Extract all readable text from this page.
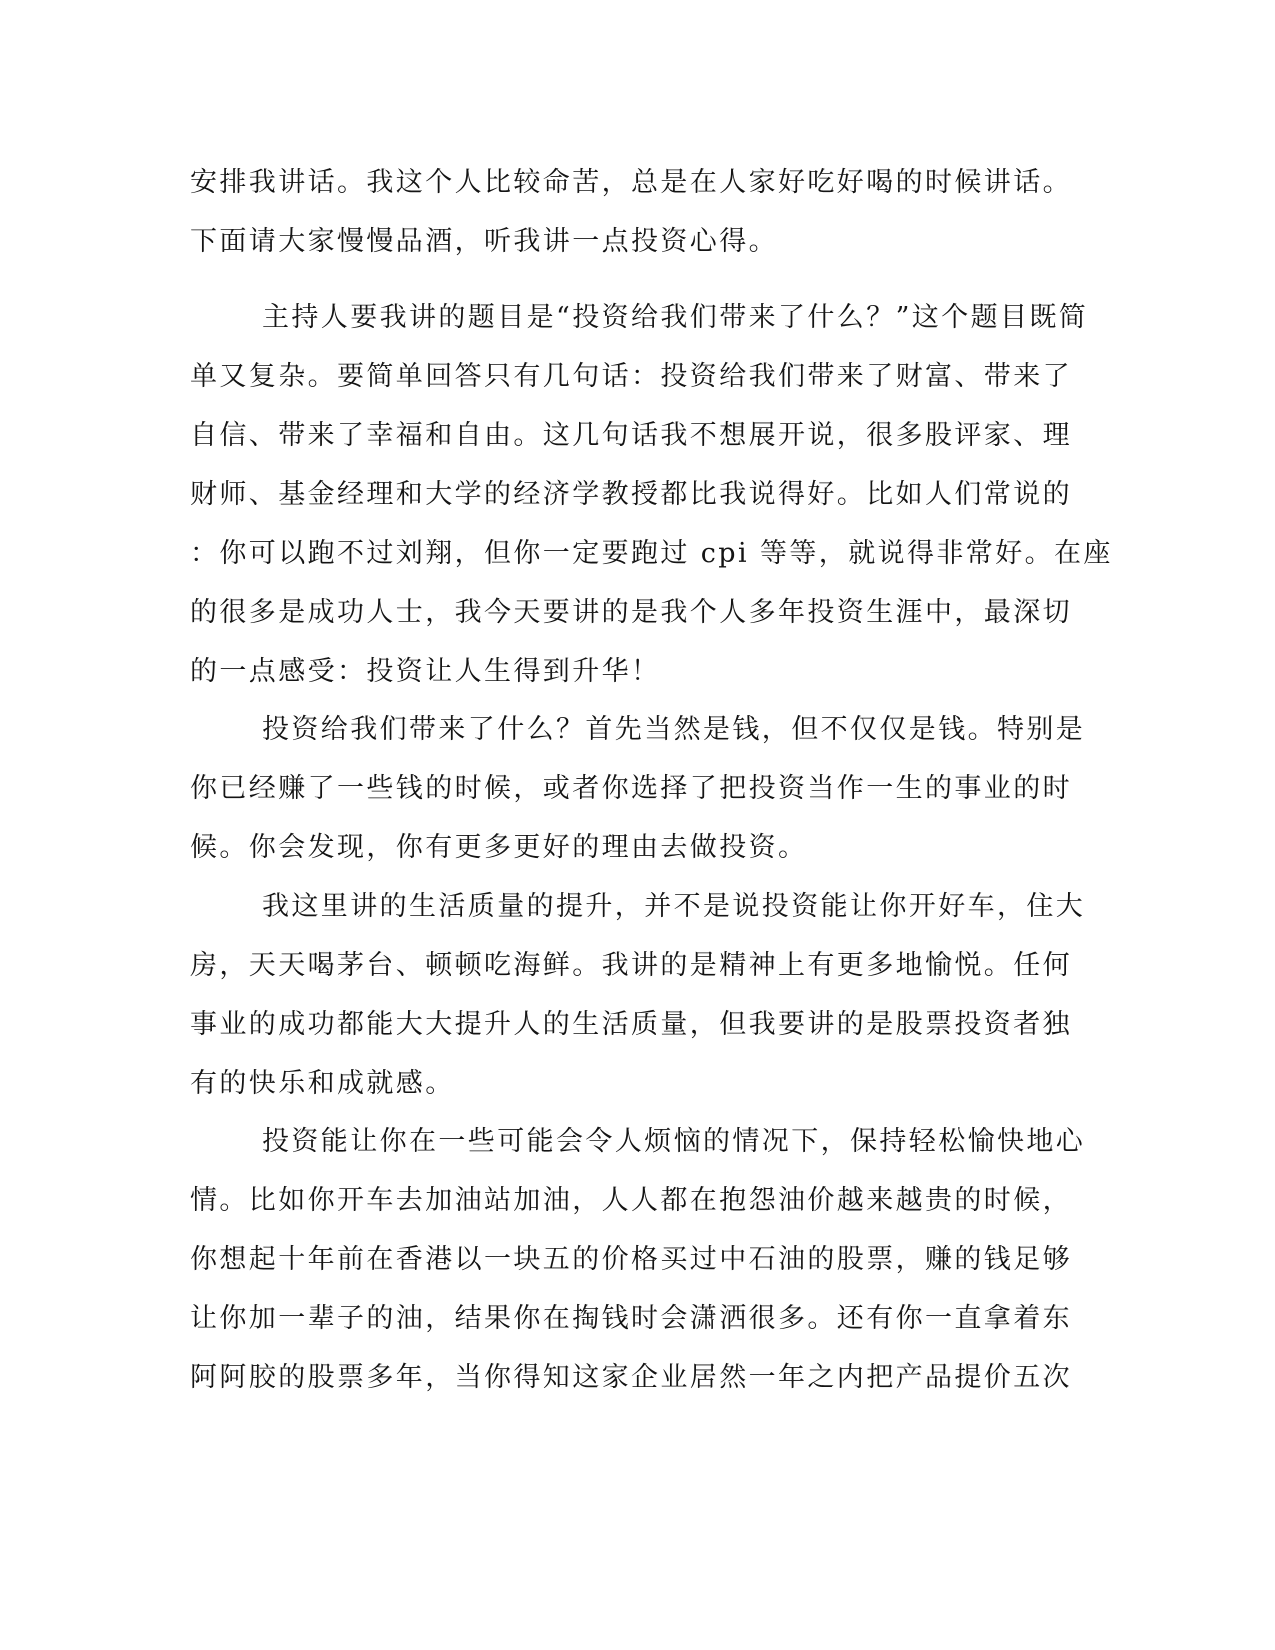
安排我讲话。我这个人比较命苦，总是在人家好吃好喝的时候讲话。
下面请大家慢慢品酒，听我讲一点投资心得。
主持人要我讲的题目是“投资给我们带来了什么？”这个题目既简
单又复杂。要简单回答只有几句话：投资给我们带来了财富、带来了
自信、带来了幸福和自由。这几句话我不想展开说，很多股评家、理
财师、基金经理和大学的经济学教授都比我说得好。比如人们常说的
：你可以跑不过刘翔，但你一定要跑过 cpi 等等，就说得非常好。在座
的很多是成功人士，我今天要讲的是我个人多年投资生涯中，最深切
的一点感受：投资让人生得到升华！
投资给我们带来了什么？首先当然是钱，但不仅仅是钱。特别是
你已经赚了一些钱的时候，或者你选择了把投资当作一生的事业的时
候。你会发现，你有更多更好的理由去做投资。
我这里讲的生活质量的提升，并不是说投资能让你开好车，住大
房，天天喝茅台、顿顿吃海鲜。我讲的是精神上有更多地愉悦。任何
事业的成功都能大大提升人的生活质量，但我要讲的是股票投资者独
有的快乐和成就感。
投资能让你在一些可能会令人烦恼的情况下，保持轻松愉快地心
情。比如你开车去加油站加油，人人都在抱怨油价越来越贵的时候，
你想起十年前在香港以一块五的价格买过中石油的股票，赚的钱足够
让你加一辈子的油，结果你在掏钱时会潇洒很多。还有你一直拿着东
阿阿胶的股票多年，当你得知这家企业居然一年之内把产品提价五次
